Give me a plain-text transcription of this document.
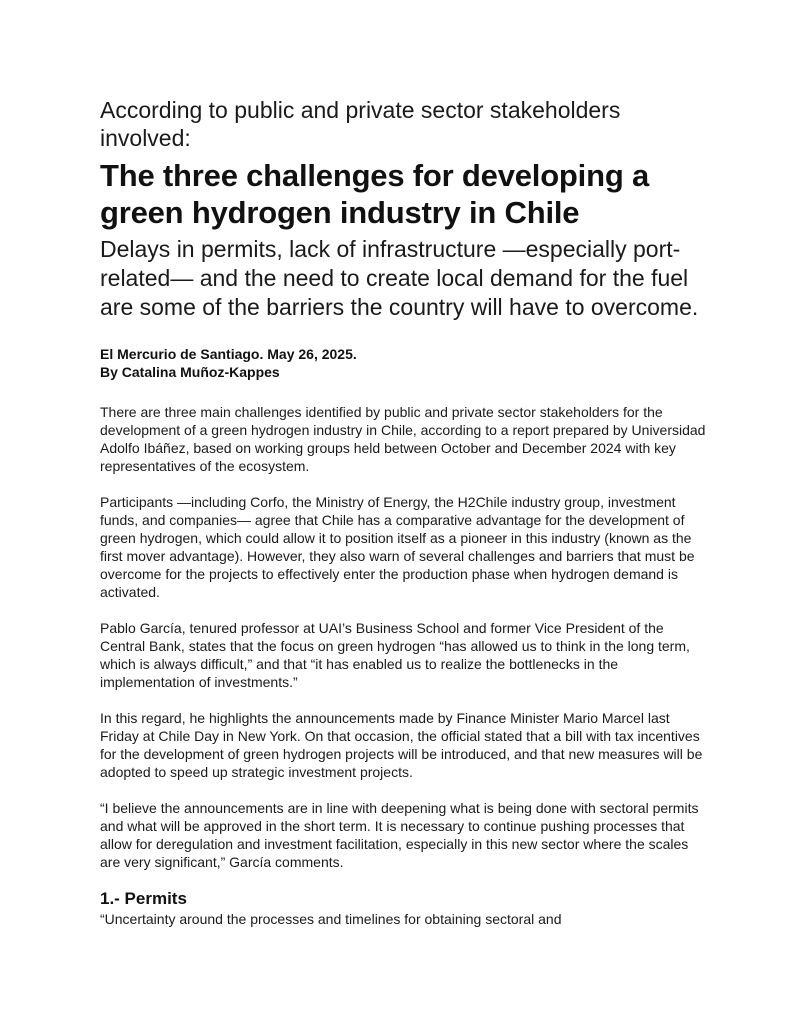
According to public and private sector stakeholders involved:
The three challenges for developing a green hydrogen industry in Chile

Delays in permits, lack of infrastructure —especially port-related— and the need to create local demand for the fuel are some of the barriers the country will have to overcome.

El Mercurio de Santiago. May 26, 2025.
By Catalina Muñoz-Kappes

There are three main challenges identified by public and private sector stakeholders for the development of a green hydrogen industry in Chile, according to a report prepared by Universidad Adolfo Ibáñez, based on working groups held between October and December 2024 with key representatives of the ecosystem.

Participants —including Corfo, the Ministry of Energy, the H2Chile industry group, investment funds, and companies— agree that Chile has a comparative advantage for the development of green hydrogen, which could allow it to position itself as a pioneer in this industry (known as the first mover advantage). However, they also warn of several challenges and barriers that must be overcome for the projects to effectively enter the production phase when hydrogen demand is activated.

Pablo García, tenured professor at UAI’s Business School and former Vice President of the Central Bank, states that the focus on green hydrogen “has allowed us to think in the long term, which is always difficult,” and that “it has enabled us to realize the bottlenecks in the implementation of investments.”

In this regard, he highlights the announcements made by Finance Minister Mario Marcel last Friday at Chile Day in New York. On that occasion, the official stated that a bill with tax incentives for the development of green hydrogen projects will be introduced, and that new measures will be adopted to speed up strategic investment projects.

“I believe the announcements are in line with deepening what is being done with sectoral permits and what will be approved in the short term. It is necessary to continue pushing processes that allow for deregulation and investment facilitation, especially in this new sector where the scales are very significant,” García comments.

1.- Permits

“Uncertainty around the processes and timelines for obtaining sectoral and
